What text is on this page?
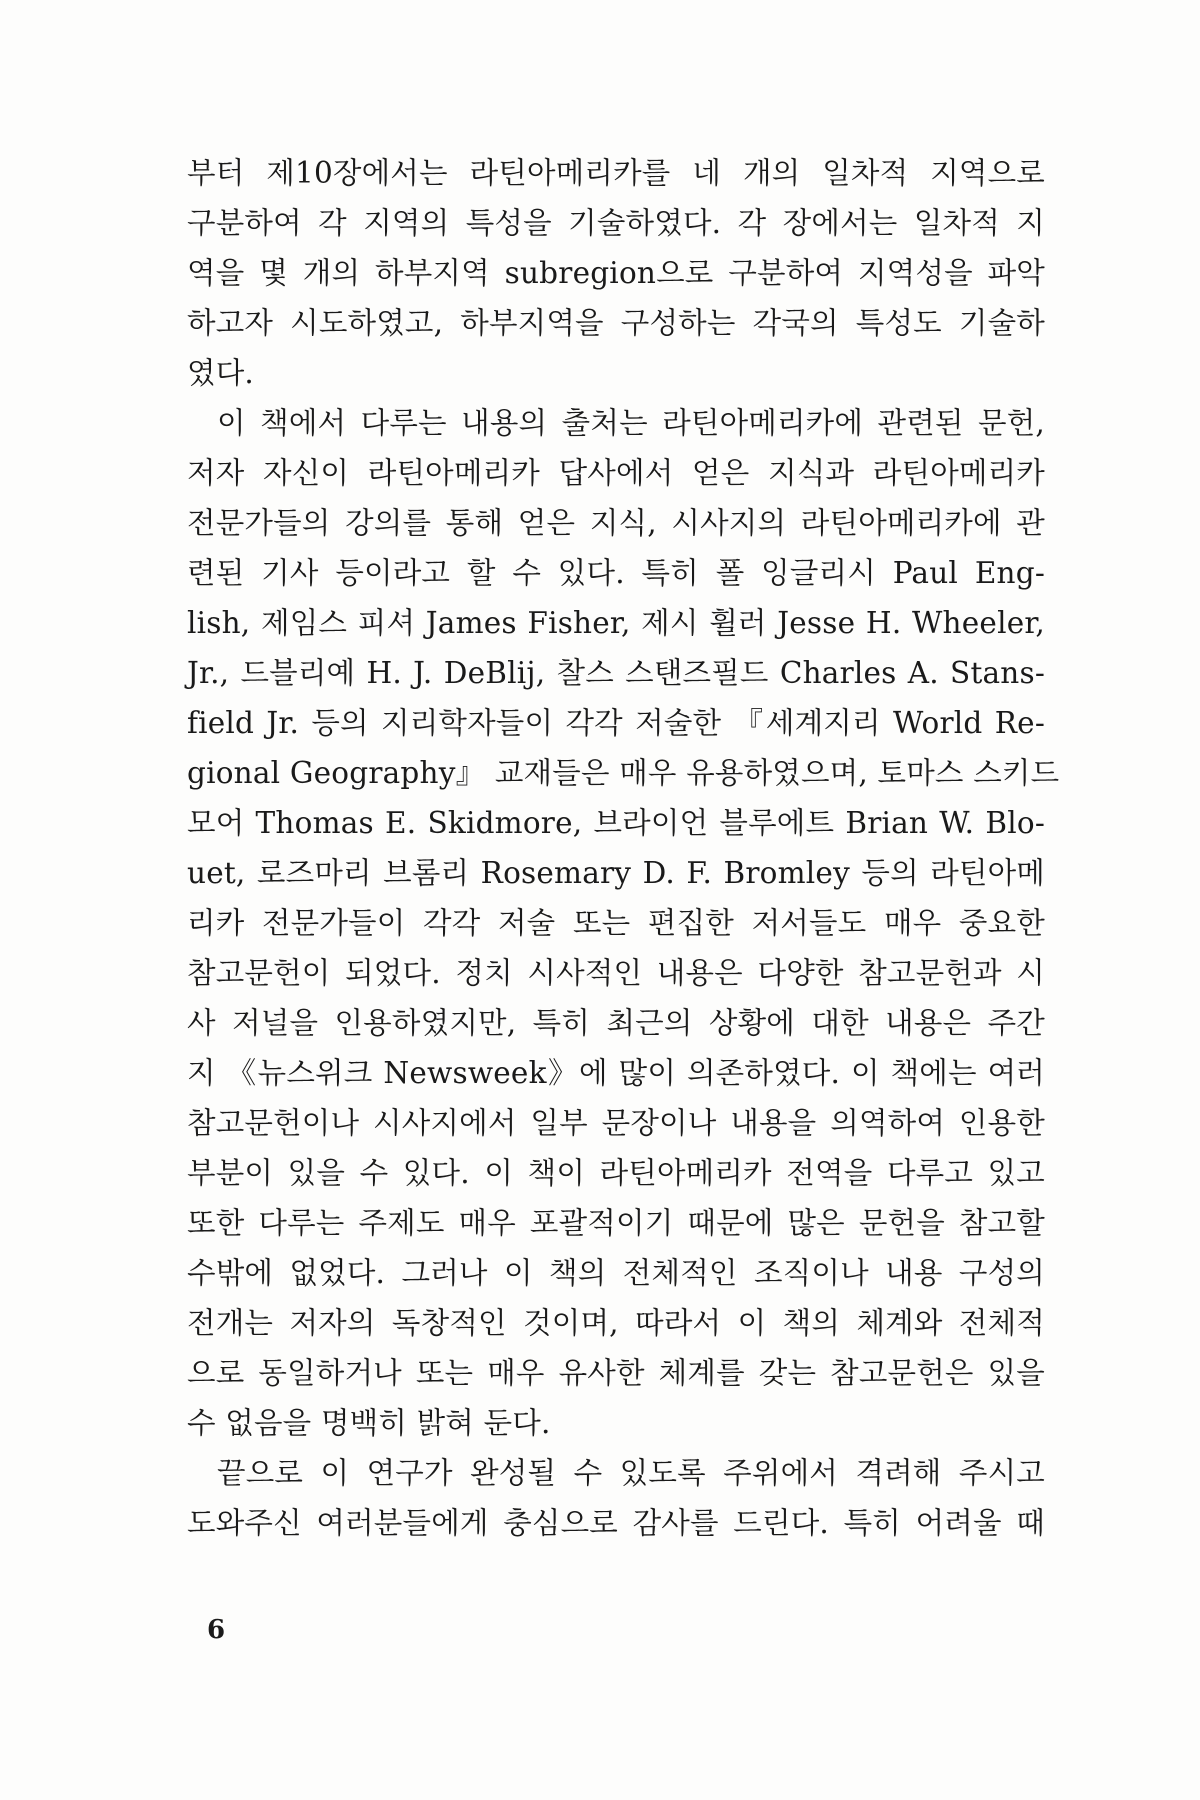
부터 제10장에서는 라틴아메리카를 네 개의 일차적 지역으로
구분하여 각 지역의 특성을 기술하였다. 각 장에서는 일차적 지
역을 몇 개의 하부지역 subregion으로 구분하여 지역성을 파악
하고자 시도하였고, 하부지역을 구성하는 각국의 특성도 기술하
였다.
이 책에서 다루는 내용의 출처는 라틴아메리카에 관련된 문헌,
저자 자신이 라틴아메리카 답사에서 얻은 지식과 라틴아메리카
전문가들의 강의를 통해 얻은 지식, 시사지의 라틴아메리카에 관
련된 기사 등이라고 할 수 있다. 특히 폴 잉글리시 Paul Eng-
lish, 제임스 피셔 James Fisher, 제시 휠러 Jesse H. Wheeler,
Jr., 드블리예 H. J. DeBlij, 찰스 스탠즈필드 Charles A. Stans-
field Jr. 등의 지리학자들이 각각 저술한 『세계지리 World Re-
gional Geography』 교재들은 매우 유용하였으며, 토마스 스키드
모어 Thomas E. Skidmore, 브라이언 블루에트 Brian W. Blo-
uet, 로즈마리 브롬리 Rosemary D. F. Bromley 등의 라틴아메
리카 전문가들이 각각 저술 또는 편집한 저서들도 매우 중요한
참고문헌이 되었다. 정치 시사적인 내용은 다양한 참고문헌과 시
사 저널을 인용하였지만, 특히 최근의 상황에 대한 내용은 주간
지 《뉴스위크 Newsweek》에 많이 의존하였다. 이 책에는 여러
참고문헌이나 시사지에서 일부 문장이나 내용을 의역하여 인용한
부분이 있을 수 있다. 이 책이 라틴아메리카 전역을 다루고 있고
또한 다루는 주제도 매우 포괄적이기 때문에 많은 문헌을 참고할
수밖에 없었다. 그러나 이 책의 전체적인 조직이나 내용 구성의
전개는 저자의 독창적인 것이며, 따라서 이 책의 체계와 전체적
으로 동일하거나 또는 매우 유사한 체계를 갖는 참고문헌은 있을
수 없음을 명백히 밝혀 둔다.
끝으로 이 연구가 완성될 수 있도록 주위에서 격려해 주시고
도와주신 여러분들에게 충심으로 감사를 드린다. 특히 어려울 때
6
